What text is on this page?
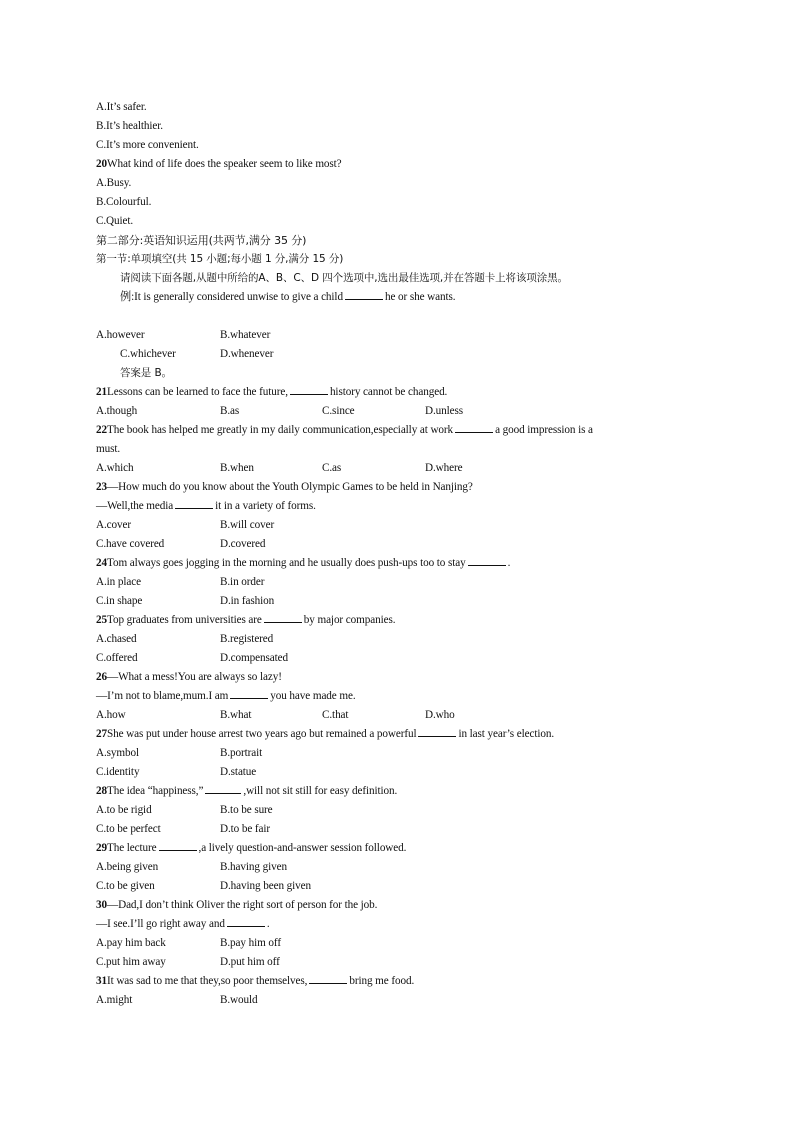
A.It’s safer.
B.It’s healthier.
C.It’s more convenient.
20What kind of life does the speaker seem to like most?
A.Busy.
B.Colourful.
C.Quiet.
第二部分:英语知识运用(共两节,满分 35 分)
第一节:单项填空(共 15 小题;每小题 1 分,满分 15 分)
请阅读下面各题,从题中所给的A、B、C、D 四个选项中,选出最佳选项,并在答题卡上将该项涂黑。
例:It is generally considered unwise to give a child	he or she wants.
A.however	B.whatever
C.whichever	D.whenever
答案是 B。
21Lessons can be learned to face the future,	history cannot be changed.
A.though	B.as	C.since	D.unless
22The book has helped me greatly in my daily communication,especially at work	a good impression is a
must.
A.which	B.when	C.as	D.where
23—How much do you know about the Youth Olympic Games to be held in Nanjing?
—Well,the media	it in a variety of forms.
A.cover	B.will cover
C.have covered	D.covered
24Tom always goes jogging in the morning and he usually does push-ups too to stay	.
A.in place	B.in order
C.in shape	D.in fashion
25Top graduates from universities are	by major companies.
A.chased	B.registered
C.offered	D.compensated
26—What a mess!You are always so lazy!
—I’m not to blame,mum.I am	you have made me.
A.how	B.what	C.that	D.who
27She was put under house arrest two years ago but remained a powerful	in last year’s election.
A.symbol	B.portrait
C.identity	D.statue
28The idea “happiness,”	,will not sit still for easy definition.
A.to be rigid	B.to be sure
C.to be perfect	D.to be fair
29The lecture	,a lively question-and-answer session followed.
A.being given	B.having given
C.to be given	D.having been given
30—Dad,I don’t think Oliver the right sort of person for the job.
—I see.I’ll go right away and	.
A.pay him back	B.pay him off
C.put him away	D.put him off
31It was sad to me that they,so poor themselves,	bring me food.
A.might	B.would
